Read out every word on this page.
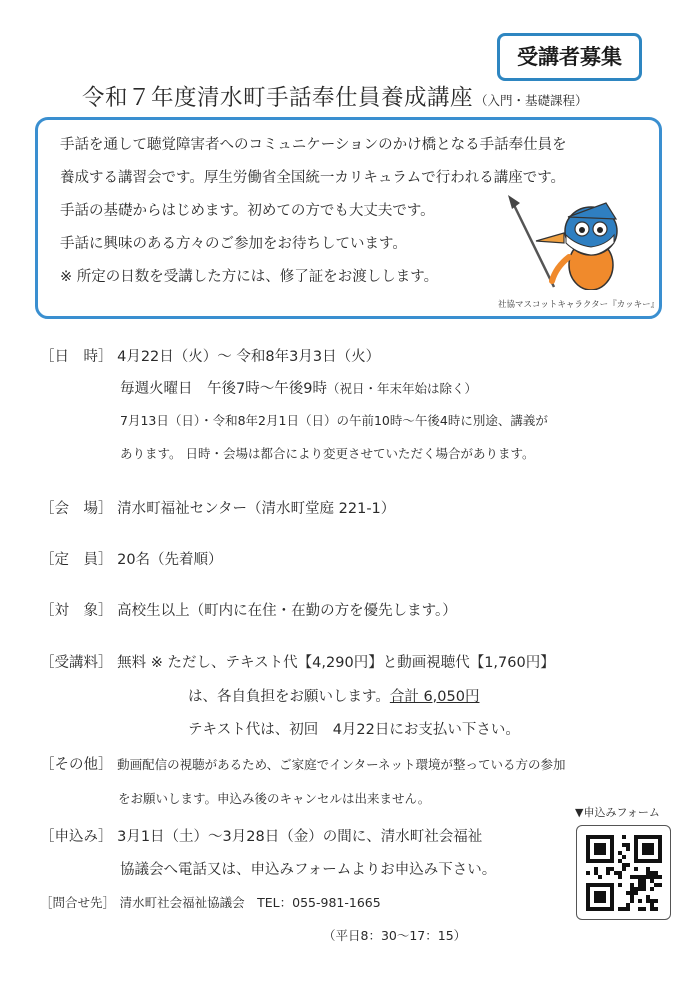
受講者募集
令和７年度清水町手話奉仕員養成講座 （入門・基礎課程）
手話を通して聴覚障害者へのコミュニケーションのかけ橋となる手話奉仕員を
養成する講習会です。厚生労働省全国統一カリキュラムで行われる講座です。
手話の基礎からはじめます。初めての方でも大丈夫です。
手話に興味のある方々のご参加をお待ちしています。
※ 所定の日数を受講した方には、修了証をお渡しします。
社協マスコットキャラクター『カッキー』
［日　時］ 4月22日（火）～ 令和8年3月3日（火）
毎週火曜日　午後7時～午後9時（祝日・年末年始は除く）
7月13日（日）・令和8年2月1日（日）の午前10時～午後4時に別途、講義が
あります。 日時・会場は都合により変更させていただく場合があります。
［会　場］ 清水町福祉センター（清水町堂庭 221-1）
［定　員］ 20名（先着順）
［対　象］ 高校生以上（町内に在住・在勤の方を優先します。）
［受講料］ 無料 ※ ただし、テキスト代【4,290円】と動画視聴代【1,760円】
は、各自負担をお願いします。合計 6,050円
テキスト代は、初回　4月22日にお支払い下さい。
［その他］ 動画配信の視聴があるため、ご家庭でインターネット環境が整っている方の参加
をお願いします。申込み後のキャンセルは出来ません。
［申込み］ 3月1日（土）～3月28日（金）の間に、清水町社会福祉
協議会へ電話又は、申込みフォームよりお申込み下さい。
［問合せ先］ 清水町社会福祉協議会　TEL：055-981-1665
（平日8：30～17：15）
▼申込みフォーム
